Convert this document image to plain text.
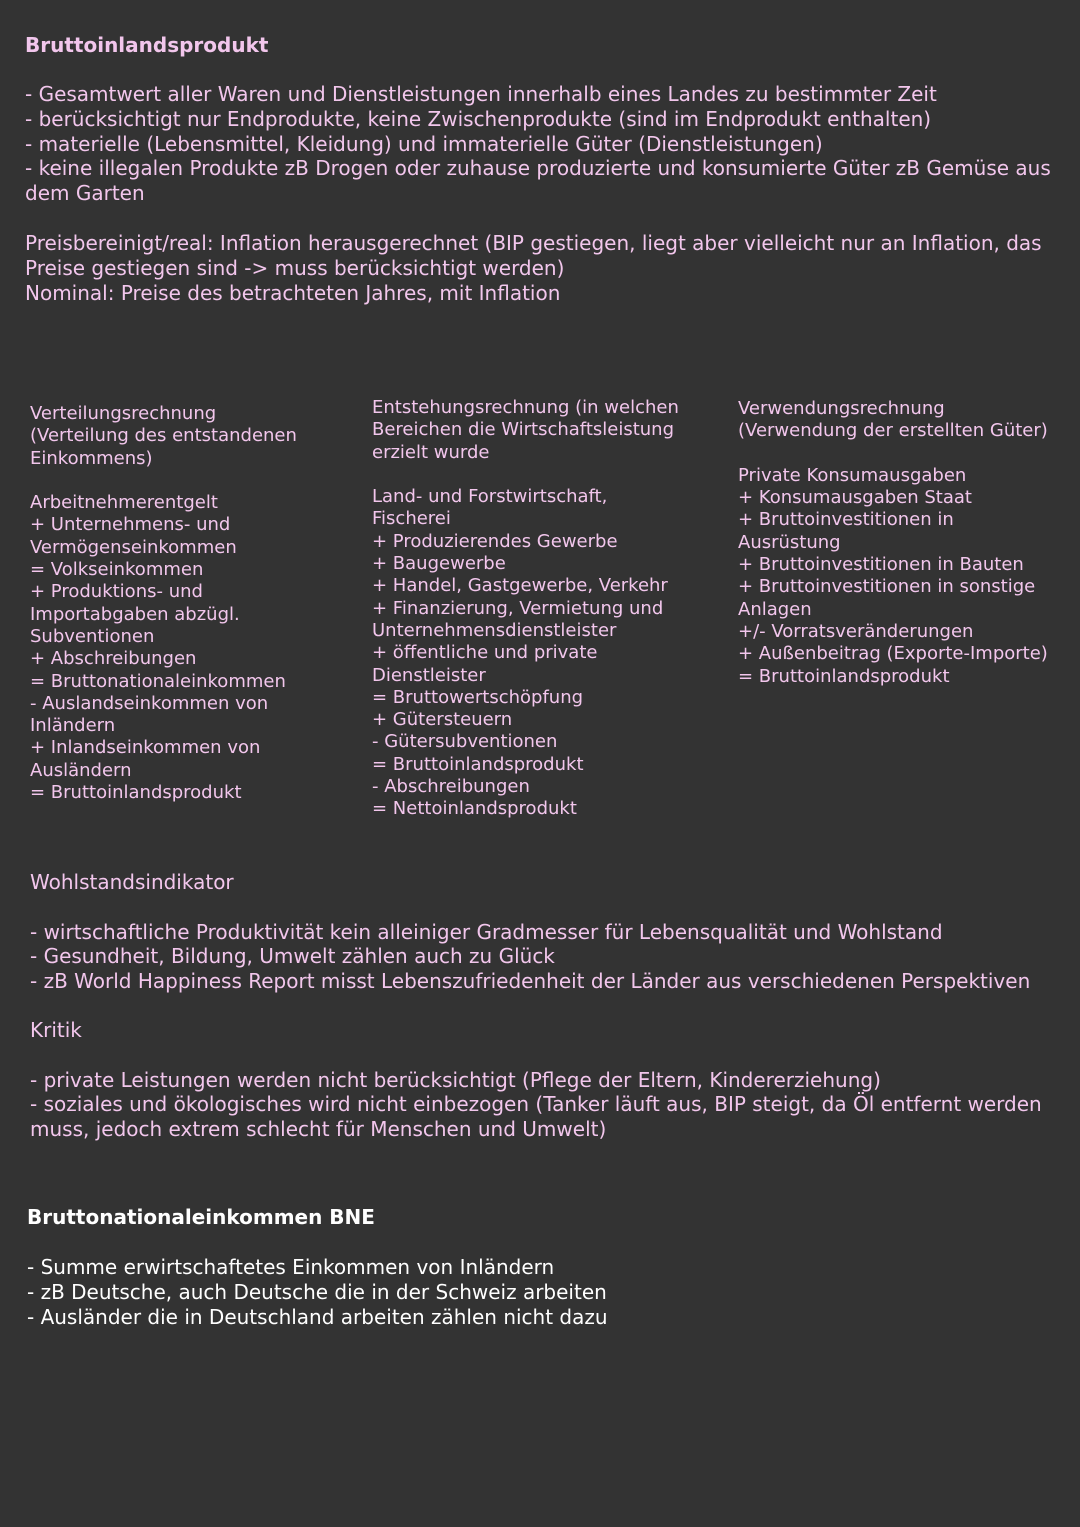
Bruttoinlandsprodukt
- Gesamtwert aller Waren und Dienstleistungen innerhalb eines Landes zu bestimmter Zeit
- berücksichtigt nur Endprodukte, keine Zwischenprodukte (sind im Endprodukt enthalten)
- materielle (Lebensmittel, Kleidung) und immaterielle Güter (Dienstleistungen)
- keine illegalen Produkte zB Drogen oder zuhause produzierte und konsumierte Güter zB Gemüse aus
dem Garten
Preisbereinigt/real: Inflation herausgerechnet (BIP gestiegen, liegt aber vielleicht nur an Inflation, das
Preise gestiegen sind -> muss berücksichtigt werden)
Nominal: Preise des betrachteten Jahres, mit Inflation
Verteilungsrechnung
(Verteilung des entstandenen
Einkommens)
Arbeitnehmerentgelt
+ Unternehmens- und
Vermögenseinkommen
= Volkseinkommen
+ Produktions- und
Importabgaben abzügl.
Subventionen
+ Abschreibungen
= Bruttonationaleinkommen
- Auslandseinkommen von
Inländern
+ Inlandseinkommen von
Ausländern
= Bruttoinlandsprodukt
Entstehungsrechnung (in welchen
Bereichen die Wirtschaftsleistung
erzielt wurde
Land- und Forstwirtschaft,
Fischerei
+ Produzierendes Gewerbe
+ Baugewerbe
+ Handel, Gastgewerbe, Verkehr
+ Finanzierung, Vermietung und
Unternehmensdienstleister
+ öffentliche und private
Dienstleister
= Bruttowertschöpfung
+ Gütersteuern
- Gütersubventionen
= Bruttoinlandsprodukt
- Abschreibungen
= Nettoinlandsprodukt
Verwendungsrechnung
(Verwendung der erstellten Güter)
Private Konsumausgaben
+ Konsumausgaben Staat
+ Bruttoinvestitionen in
Ausrüstung
+ Bruttoinvestitionen in Bauten
+ Bruttoinvestitionen in sonstige
Anlagen
+/- Vorratsveränderungen
+ Außenbeitrag (Exporte-Importe)
= Bruttoinlandsprodukt
Wohlstandsindikator
- wirtschaftliche Produktivität kein alleiniger Gradmesser für Lebensqualität und Wohlstand
- Gesundheit, Bildung, Umwelt zählen auch zu Glück
- zB World Happiness Report misst Lebenszufriedenheit der Länder aus verschiedenen Perspektiven
Kritik
- private Leistungen werden nicht berücksichtigt (Pflege der Eltern, Kindererziehung)
- soziales und ökologisches wird nicht einbezogen (Tanker läuft aus, BIP steigt, da Öl entfernt werden
muss, jedoch extrem schlecht für Menschen und Umwelt)
Bruttonationaleinkommen BNE
- Summe erwirtschaftetes Einkommen von Inländern
- zB Deutsche, auch Deutsche die in der Schweiz arbeiten
- Ausländer die in Deutschland arbeiten zählen nicht dazu
